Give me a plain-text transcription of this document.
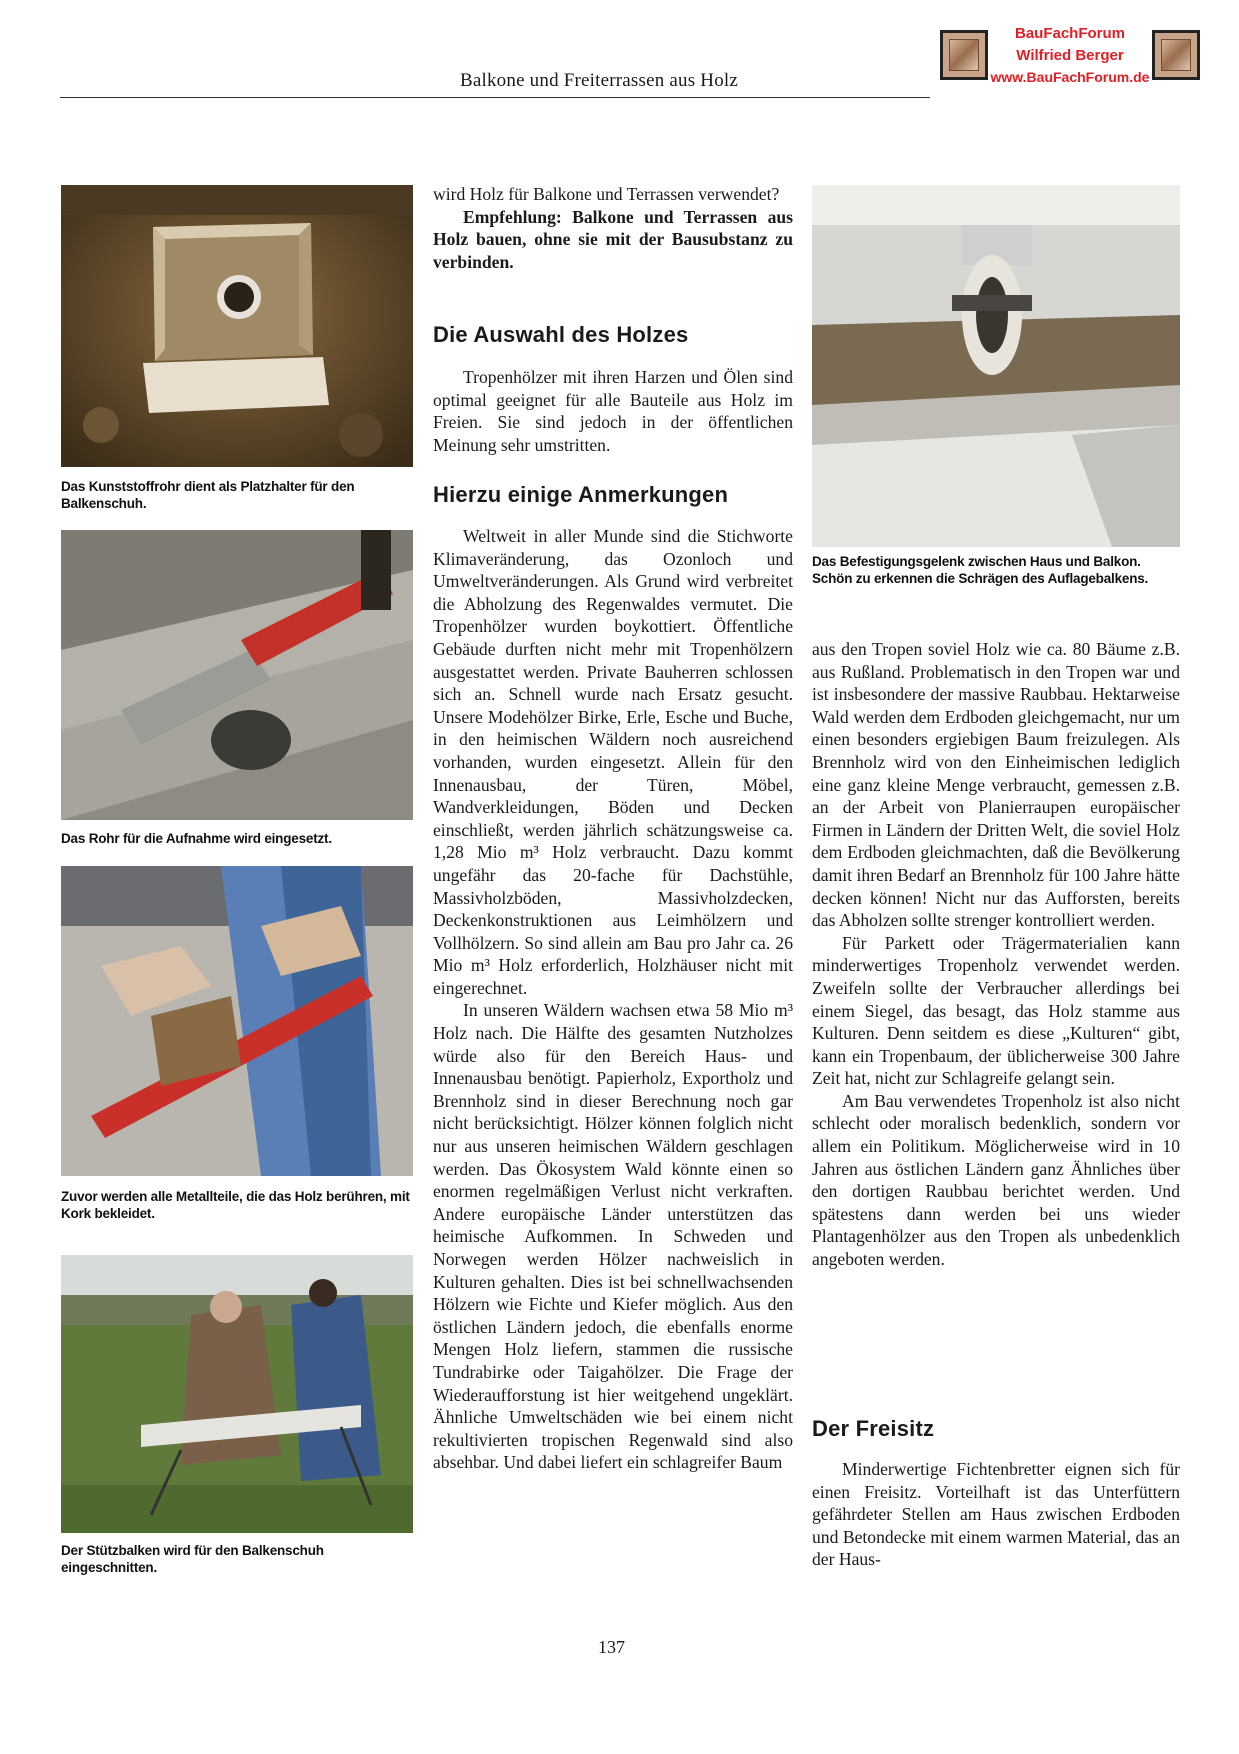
Balkone und Freiterrassen aus Holz
BauFachForum
Wilfried Berger
www.BauFachForum.de
Das Kunststoffrohr dient als Platzhalter für den Balkenschuh.
Das Rohr für die Aufnahme wird eingesetzt.
Zuvor werden alle Metallteile, die das Holz berühren, mit Kork bekleidet.
Der Stützbalken wird für den Balkenschuh eingeschnitten.
Das Befestigungsgelenk zwischen Haus und Balkon. Schön zu erkennen die Schrägen des Auflagebalkens.

wird Holz für Balkone und Terrassen verwendet?

Empfehlung: Balkone und Terrassen aus Holz bauen, ohne sie mit der Bausubstanz zu verbinden.

Die Auswahl des Holzes

Tropenhölzer mit ihren Harzen und Ölen sind optimal geeignet für alle Bauteile aus Holz im Freien. Sie sind jedoch in der öffentlichen Meinung sehr umstritten.

Hierzu einige Anmerkungen

Weltweit in aller Munde sind die Stichworte Klimaveränderung, das Ozonloch und Umweltveränderungen. Als Grund wird verbreitet die Abholzung des Regenwaldes vermutet. Die Tropenhölzer wurden boykottiert. Öffentliche Gebäude durften nicht mehr mit Tropenhölzern ausgestattet werden. Private Bauherren schlossen sich an. Schnell wurde nach Ersatz gesucht. Unsere Modehölzer Birke, Erle, Esche und Buche, in den heimischen Wäldern noch ausreichend vorhanden, wurden eingesetzt. Allein für den Innenausbau, der Türen, Möbel, Wandverkleidungen, Böden und Decken einschließt, werden jährlich schätzungsweise ca. 1,28 Mio m³ Holz verbraucht. Dazu kommt ungefähr das 20-fache für Dachstühle, Massivholzböden, Massivholzdecken, Deckenkonstruktionen aus Leimhölzern und Vollhölzern. So sind allein am Bau pro Jahr ca. 26 Mio m³ Holz erforderlich, Holzhäuser nicht mit eingerechnet.

In unseren Wäldern wachsen etwa 58 Mio m³ Holz nach. Die Hälfte des gesamten Nutzholzes würde also für den Bereich Haus- und Innenausbau benötigt. Papierholz, Exportholz und Brennholz sind in dieser Berechnung noch gar nicht berücksichtigt. Hölzer können folglich nicht nur aus unseren heimischen Wäldern geschlagen werden. Das Ökosystem Wald könnte einen so enormen regelmäßigen Verlust nicht verkraften. Andere europäische Länder unterstützen das heimische Aufkommen. In Schweden und Norwegen werden Hölzer nachweislich in Kulturen gehalten. Dies ist bei schnellwachsenden Hölzern wie Fichte und Kiefer möglich. Aus den östlichen Ländern jedoch, die ebenfalls enorme Mengen Holz liefern, stammen die russische Tundrabirke oder Taigahölzer. Die Frage der Wiederaufforstung ist hier weitgehend ungeklärt. Ähnliche Umweltschäden wie bei einem nicht rekultivierten tropischen Regenwald sind also absehbar. Und dabei liefert ein schlagreifer Baum

aus den Tropen soviel Holz wie ca. 80 Bäume z.B. aus Rußland. Problematisch in den Tropen war und ist insbesondere der massive Raubbau. Hektarweise Wald werden dem Erdboden gleichgemacht, nur um einen besonders ergiebigen Baum freizulegen. Als Brennholz wird von den Einheimischen lediglich eine ganz kleine Menge verbraucht, gemessen z.B. an der Arbeit von Planierraupen europäischer Firmen in Ländern der Dritten Welt, die soviel Holz dem Erdboden gleichmachten, daß die Bevölkerung damit ihren Bedarf an Brennholz für 100 Jahre hätte decken können! Nicht nur das Aufforsten, bereits das Abholzen sollte strenger kontrolliert werden.

Für Parkett oder Trägermaterialien kann minderwertiges Tropenholz verwendet werden. Zweifeln sollte der Verbraucher allerdings bei einem Siegel, das besagt, das Holz stamme aus Kulturen. Denn seitdem es diese „Kulturen“ gibt, kann ein Tropenbaum, der üblicherweise 300 Jahre Zeit hat, nicht zur Schlagreife gelangt sein.

Am Bau verwendetes Tropenholz ist also nicht schlecht oder moralisch bedenklich, sondern vor allem ein Politikum. Möglicherweise wird in 10 Jahren aus östlichen Ländern ganz Ähnliches über den dortigen Raubbau berichtet werden. Und spätestens dann werden bei uns wieder Plantagenhölzer aus den Tropen als unbedenklich angeboten werden.

Der Freisitz

Minderwertige Fichtenbretter eignen sich für einen Freisitz. Vorteilhaft ist das Unterfüttern gefährdeter Stellen am Haus zwischen Erdboden und Betondecke mit einem warmen Material, das an der Haus-

137
